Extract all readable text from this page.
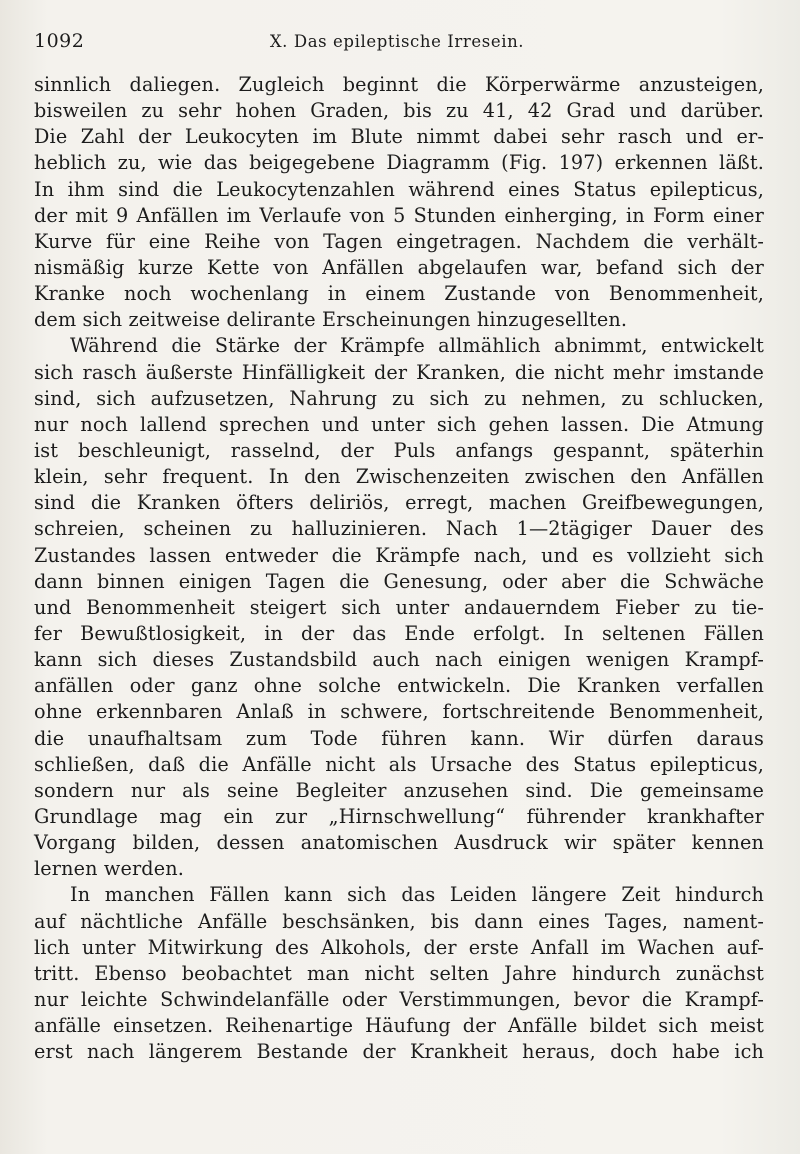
1092	X. Das epileptische Irresein.
sinnlich daliegen. Zugleich beginnt die Körperwärme anzusteigen,
bisweilen zu sehr hohen Graden, bis zu 41, 42 Grad und darüber.
Die Zahl der Leukocyten im Blute nimmt dabei sehr rasch und er-
heblich zu, wie das beigegebene Diagramm (Fig. 197) erkennen läßt.
In ihm sind die Leukocytenzahlen während eines Status epilepticus,
der mit 9 Anfällen im Verlaufe von 5 Stunden einherging, in Form einer
Kurve für eine Reihe von Tagen eingetragen. Nachdem die verhält-
nismäßig kurze Kette von Anfällen abgelaufen war, befand sich der
Kranke noch wochenlang in einem Zustande von Benommenheit,
dem sich zeitweise delirante Erscheinungen hinzugesellten.
Während die Stärke der Krämpfe allmählich abnimmt, entwickelt
sich rasch äußerste Hinfälligkeit der Kranken, die nicht mehr imstande
sind, sich aufzusetzen, Nahrung zu sich zu nehmen, zu schlucken,
nur noch lallend sprechen und unter sich gehen lassen. Die Atmung
ist beschleunigt, rasselnd, der Puls anfangs gespannt, späterhin
klein, sehr frequent. In den Zwischenzeiten zwischen den Anfällen
sind die Kranken öfters deliriös, erregt, machen Greifbewegungen,
schreien, scheinen zu halluzinieren. Nach 1—2tägiger Dauer des
Zustandes lassen entweder die Krämpfe nach, und es vollzieht sich
dann binnen einigen Tagen die Genesung, oder aber die Schwäche
und Benommenheit steigert sich unter andauerndem Fieber zu tie-
fer Bewußtlosigkeit, in der das Ende erfolgt. In seltenen Fällen
kann sich dieses Zustandsbild auch nach einigen wenigen Krampf-
anfällen oder ganz ohne solche entwickeln. Die Kranken verfallen
ohne erkennbaren Anlaß in schwere, fortschreitende Benommenheit,
die unaufhaltsam zum Tode führen kann. Wir dürfen daraus
schließen, daß die Anfälle nicht als Ursache des Status epilepticus,
sondern nur als seine Begleiter anzusehen sind. Die gemeinsame
Grundlage mag ein zur „Hirnschwellung“ führender krankhafter
Vorgang bilden, dessen anatomischen Ausdruck wir später kennen
lernen werden.
In manchen Fällen kann sich das Leiden längere Zeit hindurch
auf nächtliche Anfälle beschsänken, bis dann eines Tages, nament-
lich unter Mitwirkung des Alkohols, der erste Anfall im Wachen auf-
tritt. Ebenso beobachtet man nicht selten Jahre hindurch zunächst
nur leichte Schwindelanfälle oder Verstimmungen, bevor die Krampf-
anfälle einsetzen. Reihenartige Häufung der Anfälle bildet sich meist
erst nach längerem Bestande der Krankheit heraus, doch habe ich
